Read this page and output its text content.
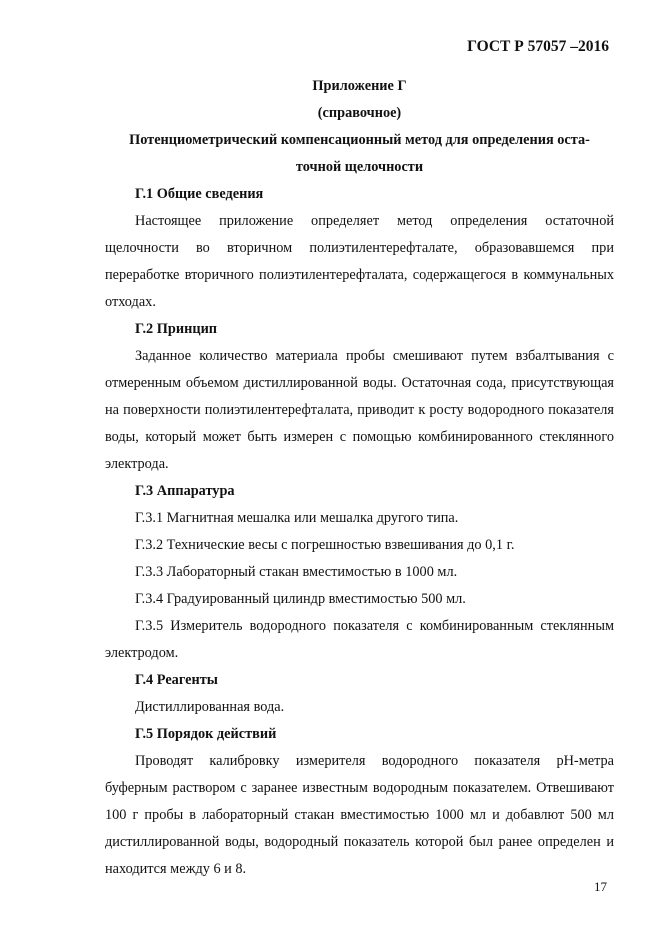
ГОСТ Р 57057 –2016
Приложение Г
(справочное)
Потенциометрический компенсационный метод для определения оста-
точной щелочности
Г.1 Общие сведения

Настоящее приложение определяет метод определения остаточной щелочности во вторичном полиэтилентерефталате, образовавшемся при переработке вторичного полиэтилентерефталата, содержащегося в коммунальных отходах.

Г.2 Принцип

Заданное количество материала пробы смешивают путем взбалтывания с отмеренным объемом дистиллированной воды. Остаточная сода, присутствующая на поверхности полиэтилентерефталата, приводит к росту водородного показателя воды, который может быть измерен с помощью комбинированного стеклянного электрода.

Г.3 Аппаратура
Г.3.1 Магнитная мешалка или мешалка другого типа.
Г.3.2 Технические весы с погрешностью взвешивания до 0,1 г.
Г.3.3 Лабораторный стакан вместимостью в 1000 мл.
Г.3.4 Градуированный цилиндр вместимостью 500 мл.

Г.3.5 Измеритель водородного показателя с комбинированным стеклянным электродом.

Г.4 Реагенты
Дистиллированная вода.
Г.5 Порядок действий

Проводят калибровку измерителя водородного показателя рН-метра буферным раствором с заранее известным водородным показателем. Отвешивают 100 г пробы в лабораторный стакан вместимостью 1000 мл и добавлют 500 мл дистиллированной воды, водородный показатель которой был ранее определен и находится между 6 и 8.

17
